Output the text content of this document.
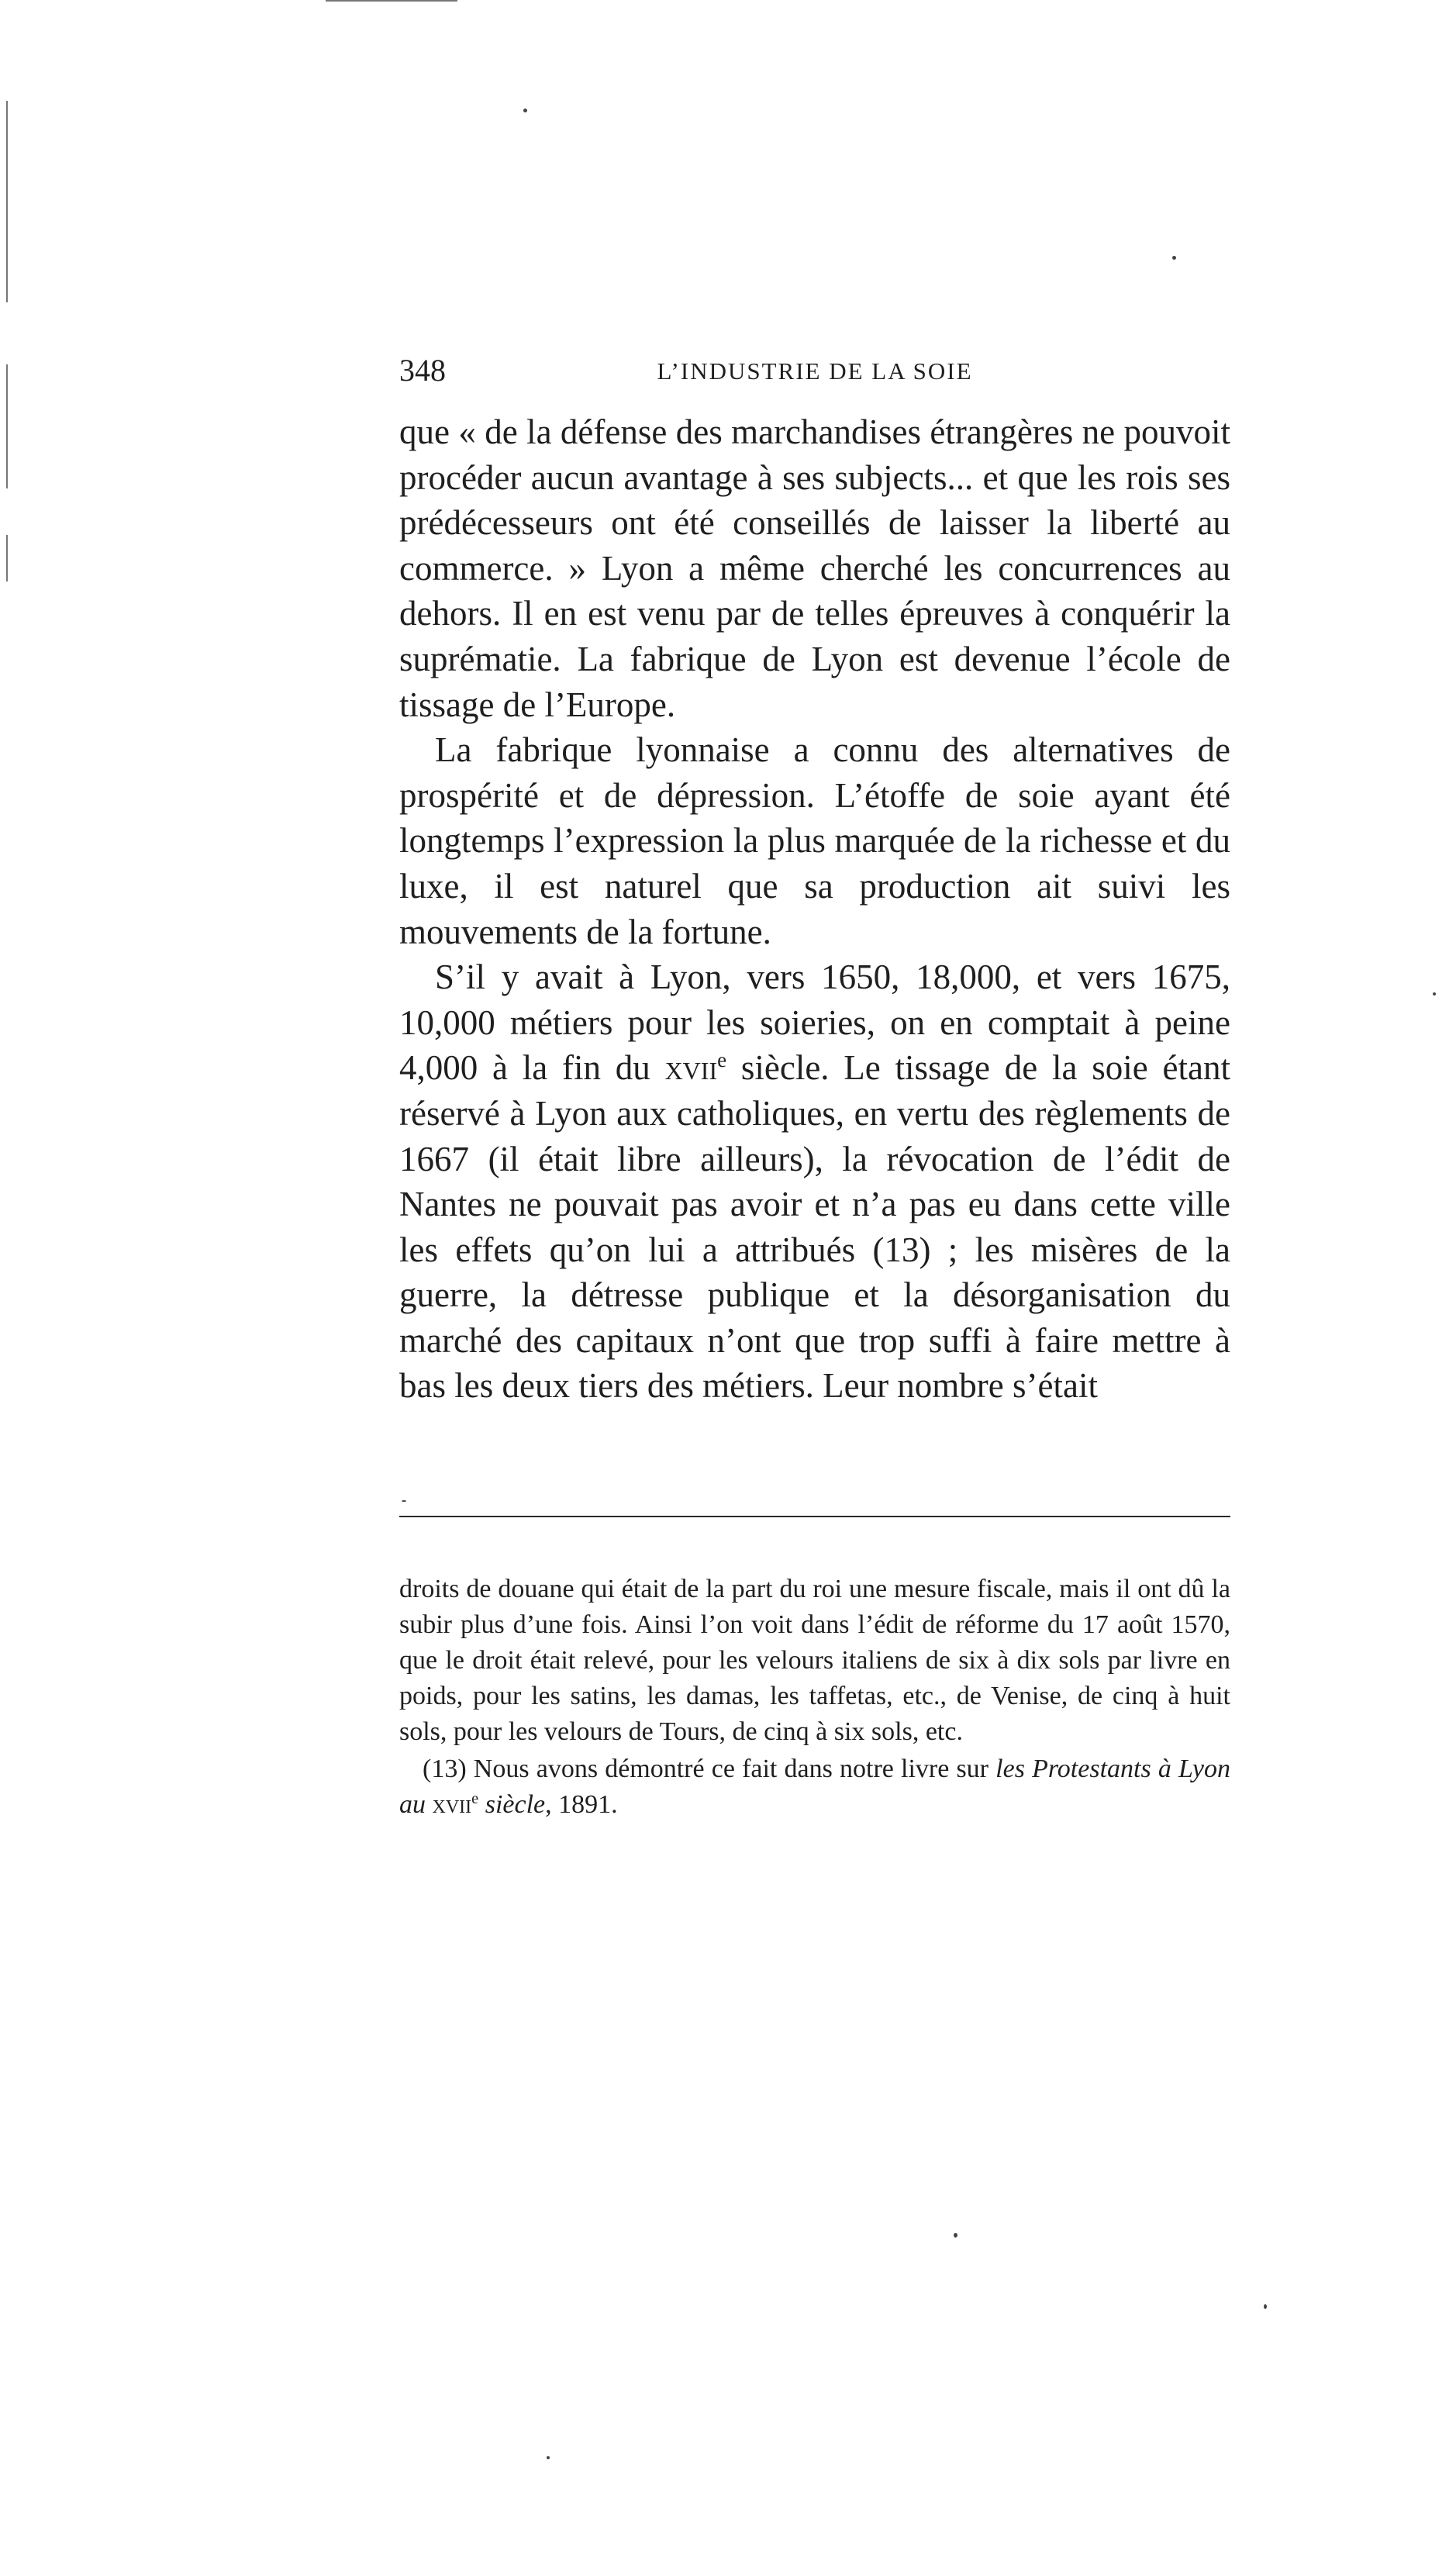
348	L’INDUSTRIE DE LA SOIE

que « de la défense des marchandises étrangères ne pouvoit procéder aucun avantage à ses subjects... et que les rois ses prédécesseurs ont été conseillés de laisser la liberté au commerce. » Lyon a même cherché les concurrences au dehors. Il en est venu par de telles épreuves à conquérir la suprématie. La fabrique de Lyon est devenue l’école de tissage de l’Europe.

La fabrique lyonnaise a connu des alternatives de prospérité et de dépression. L’étoffe de soie ayant été longtemps l’expression la plus marquée de la richesse et du luxe, il est naturel que sa production ait suivi les mouvements de la fortune.

S’il y avait à Lyon, vers 1650, 18,000, et vers 1675, 10,000 métiers pour les soieries, on en comptait à peine 4,000 à la fin du xvii$^e$ siècle. Le tissage de la soie étant réservé à Lyon aux catholiques, en vertu des règlements de 1667 (il était libre ailleurs), la révocation de l’édit de Nantes ne pouvait pas avoir et n’a pas eu dans cette ville les effets qu’on lui a attribués (13) ; les misères de la guerre, la détresse publique et la désorganisation du marché des capitaux n’ont que trop suffi à faire mettre à bas les deux tiers des métiers. Leur nombre s’était

droits de douane qui était de la part du roi une mesure fiscale, mais il ont dû la subir plus d’une fois. Ainsi l’on voit dans l’édit de réforme du 17 août 1570, que le droit était relevé, pour les velours italiens de six à dix sols par livre en poids, pour les satins, les damas, les taffetas, etc., de Venise, de cinq à huit sols, pour les velours de Tours, de cinq à six sols, etc.

(13) Nous avons démontré ce fait dans notre livre sur les Protestants à Lyon au xvii$^e$ siècle, 1891.
